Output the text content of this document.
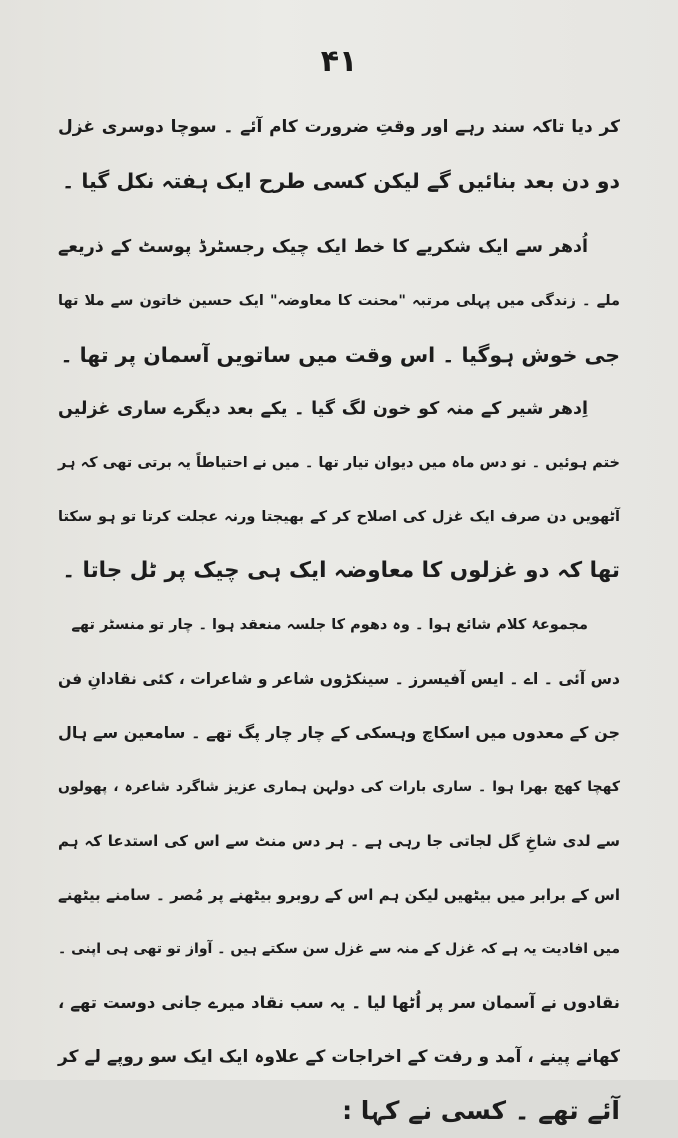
۴۱
کر دیا تاکہ سند رہے اور وقتِ ضرورت کام آئے ۔ سوچا دوسری غزل
دو دن بعد بنائیں گے لیکن کسی طرح ایک ہفتہ نکل گیا ۔
اُدھر سے ایک شکریے کا خط ایک چیک رجسٹرڈ پوسٹ کے ذریعے
ملے ۔ زندگی میں پہلی مرتبہ "محنت کا معاوضہ" ایک حسین خاتون سے ملا تھا
جی خوش ہوگیا ۔ اس وقت میں ساتویں آسمان پر تھا ۔
اِدھر شیر کے منہ کو خون لگ گیا ۔ یکے بعد دیگرے ساری غزلیں
ختم ہوئیں ۔ نو دس ماہ میں دیوان تیار تھا ۔ میں نے احتیاطاً یہ برتی تھی کہ ہر
آٹھویں دن صرف ایک غزل کی اصلاح کر کے بھیجتا ورنہ عجلت کرتا تو ہو سکتا
تھا کہ دو غزلوں کا معاوضہ ایک ہی چیک پر ٹل جاتا ۔
مجموعۂ کلام شائع ہوا ۔ وہ دھوم کا جلسہ منعقد ہوا ۔ چار تو منسٹر تھے
دس آئی ۔ اے ۔ ایس آفیسرز ۔ سینکڑوں شاعر و شاعرات ، کئی نقادانِ فن
جن کے معدوں میں اسکاچ وہسکی کے چار چار پگ تھے ۔ سامعین سے ہال
کھچا کھچ بھرا ہوا ۔ ساری بارات کی دولہن ہماری عزیز شاگرد شاعرہ ، پھولوں
سے لدی شاخِ گل لجاتی جا رہی ہے ۔ ہر دس منٹ سے اس کی استدعا کہ ہم
اس کے برابر میں بیٹھیں لیکن ہم اس کے روبرو بیٹھنے پر مُصر ۔ سامنے بیٹھنے
میں افادیت یہ ہے کہ غزل کے منہ سے غزل سن سکتے ہیں ۔ آواز تو تھی ہی اپنی ۔
نقادوں نے آسمان سر پر اُٹھا لیا ۔ یہ سب نقاد میرے جانی دوست تھے ،
کھانے پینے ، آمد و رفت کے اخراجات کے علاوہ ایک ایک سو روپے لے کر
آئے تھے ۔ کسی نے کہا :
